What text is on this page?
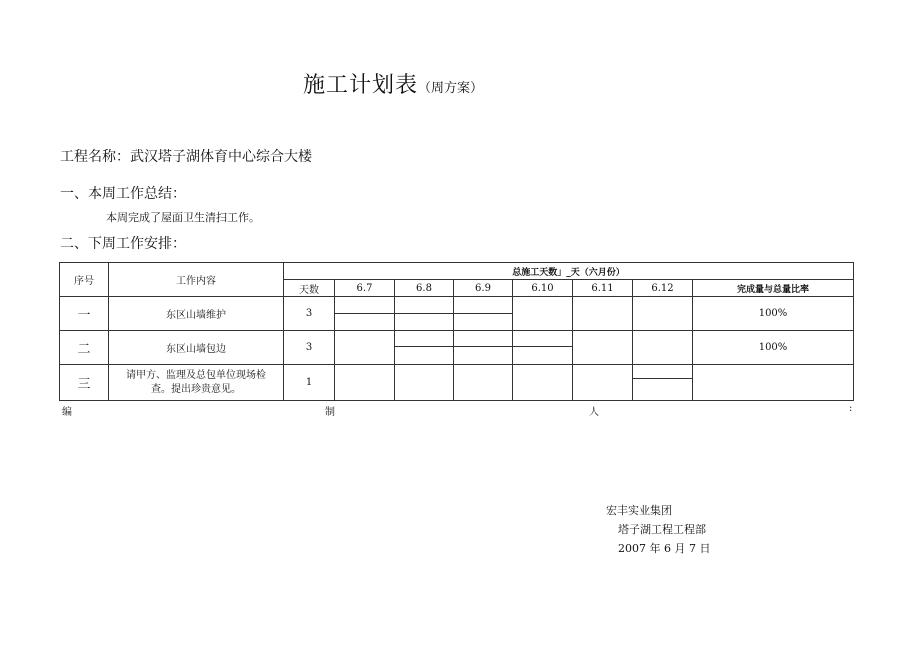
施工计划表（周方案）
工程名称：武汉塔子湖体育中心综合大楼
一、本周工作总结：
本周完成了屋面卫生清扫工作。
二、下周工作安排：
序号	工作内容	总施工天数」_天（六月份）							
		天数	6.7	6.8	6.9	6.10	6.11	6.12	完成量与总量比率
一	东区山墙维护	3							100%
二	东区山墙包边	3							100%
三	请甲方、监理及总包单位现场检查。提出珍贵意见。	1						

编	制	人	:
宏丰实业集团
塔子湖工程工程部
2007 年 6 月 7 日
